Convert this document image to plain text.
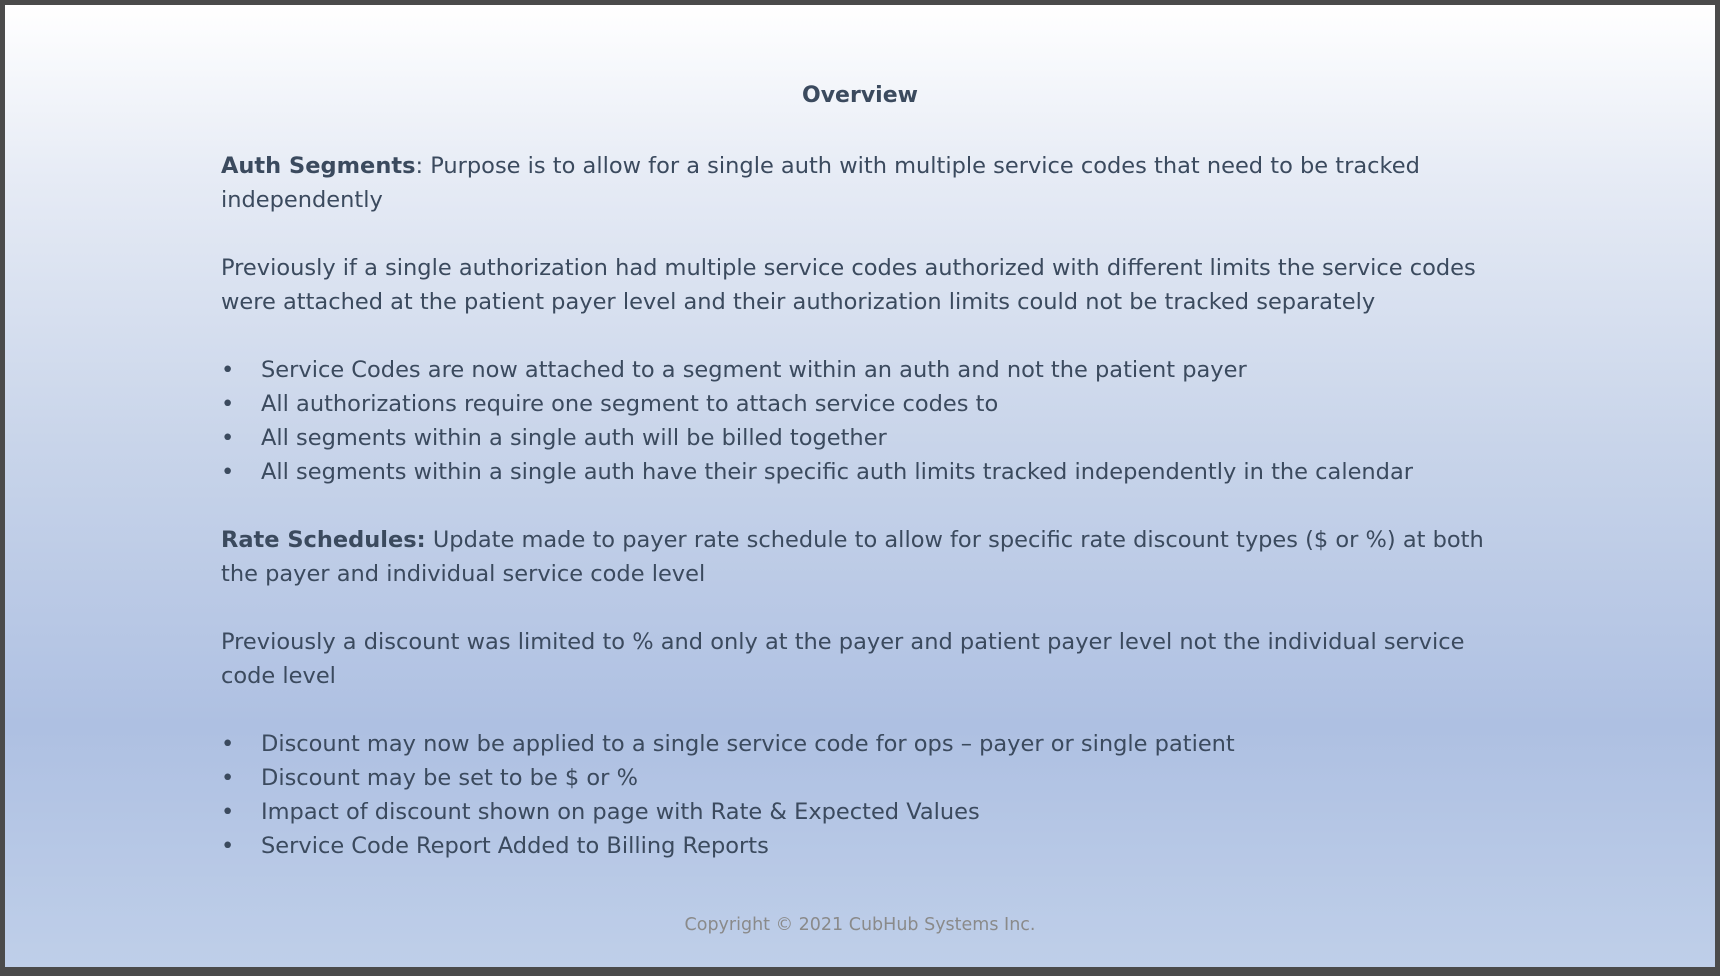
Overview

Auth Segments: Purpose is to allow for a single auth with multiple service codes that need to be tracked independently

Previously if a single authorization had multiple service codes authorized with different limits the service codes were attached at the patient payer level and their authorization limits could not be tracked separately

• Service Codes are now attached to a segment within an auth and not the patient payer
• All authorizations require one segment to attach service codes to
• All segments within a single auth will be billed together
• All segments within a single auth have their specific auth limits tracked independently in the calendar

Rate Schedules: Update made to payer rate schedule to allow for specific rate discount types ($ or %) at both the payer and individual service code level

Previously a discount was limited to % and only at the payer and patient payer level not the individual service code level

• Discount may now be applied to a single service code for ops – payer or single patient
• Discount may be set to be $ or %
• Impact of discount shown on page with Rate & Expected Values
• Service Code Report Added to Billing Reports
Copyright © 2021 CubHub Systems Inc.
